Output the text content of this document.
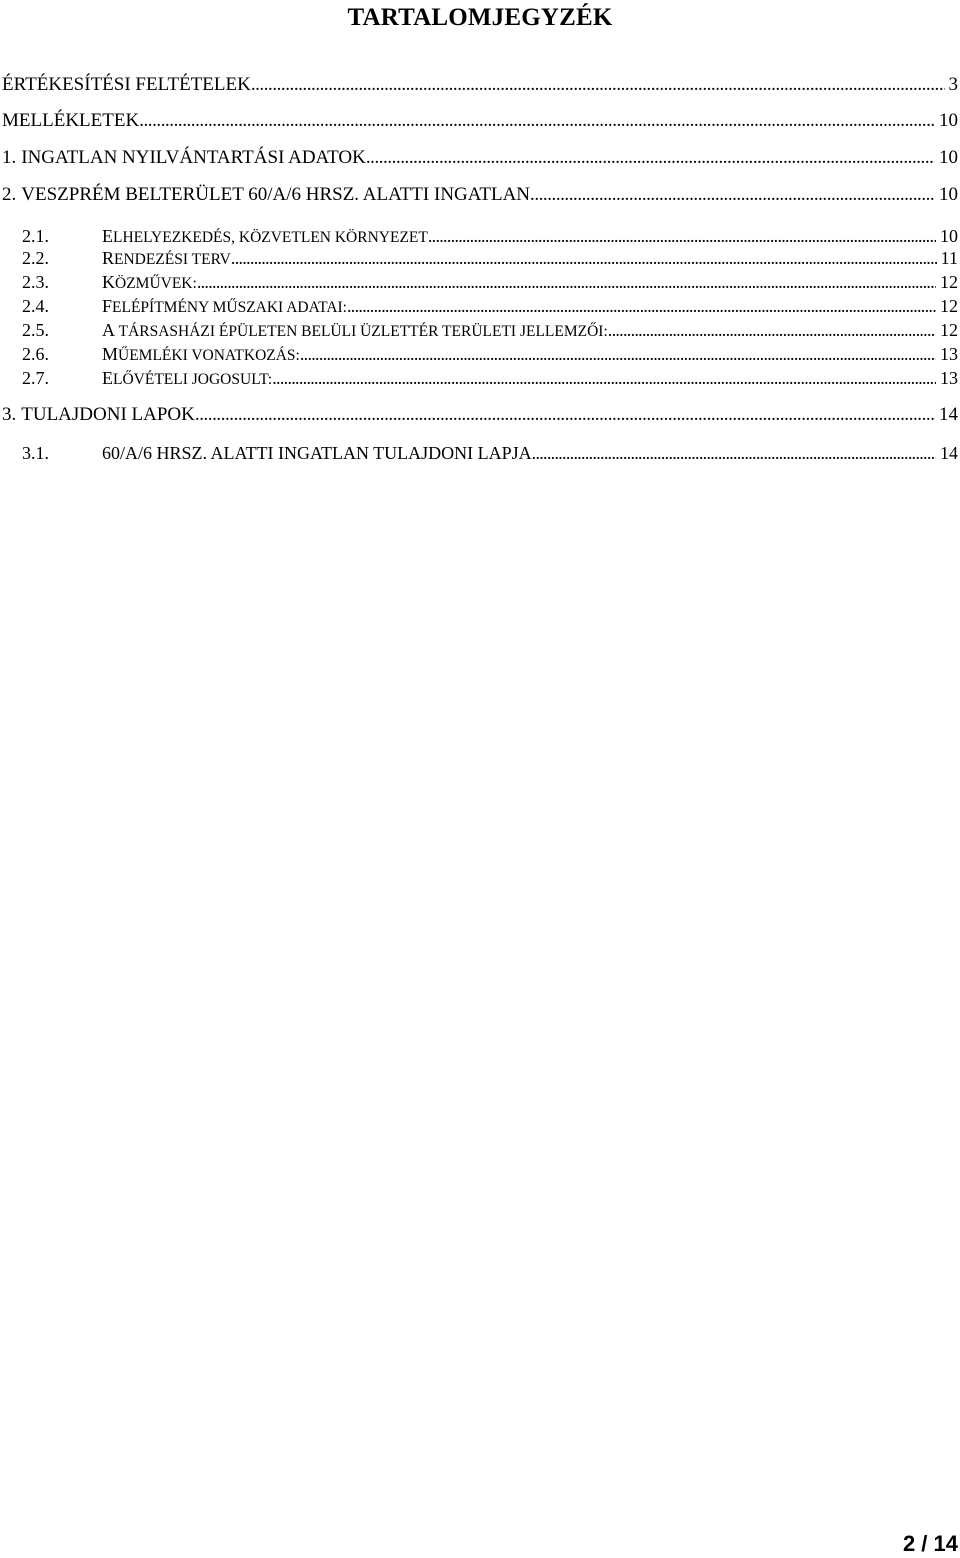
TARTALOMJEGYZÉK
ÉRTÉKESÍTÉSI FELTÉTELEK . . .	3
MELLÉKLETEK . . .	10
1. INGATLAN NYILVÁNTARTÁSI ADATOK . . .	10
2. VESZPRÉM BELTERÜLET 60/A/6 HRSZ. ALATTI INGATLAN . . .	10
2.1.	ELHELYEZKEDÉS, KÖZVETLEN KÖRNYEZET . . .	10
2.2.	RENDEZÉSI TERV . . .	11
2.3.	KÖZMŰVEK: . . .	12
2.4.	FELÉPÍTMÉNY MŰSZAKI ADATAI: . . .	12
2.5.	A TÁRSASHÁZI ÉPÜLETEN BELÜLI ÜZLETTÉR TERÜLETI JELLEMZŐI: . . .	12
2.6.	MŰEMLÉKI VONATKOZÁS: . . .	13
2.7.	ELŐVÉTELI JOGOSULT: . . .	13
3. TULAJDONI LAPOK . . .	14
3.1.	60/A/6 HRSZ. ALATTI INGATLAN TULAJDONI LAPJA . . .	14
2 / 14
